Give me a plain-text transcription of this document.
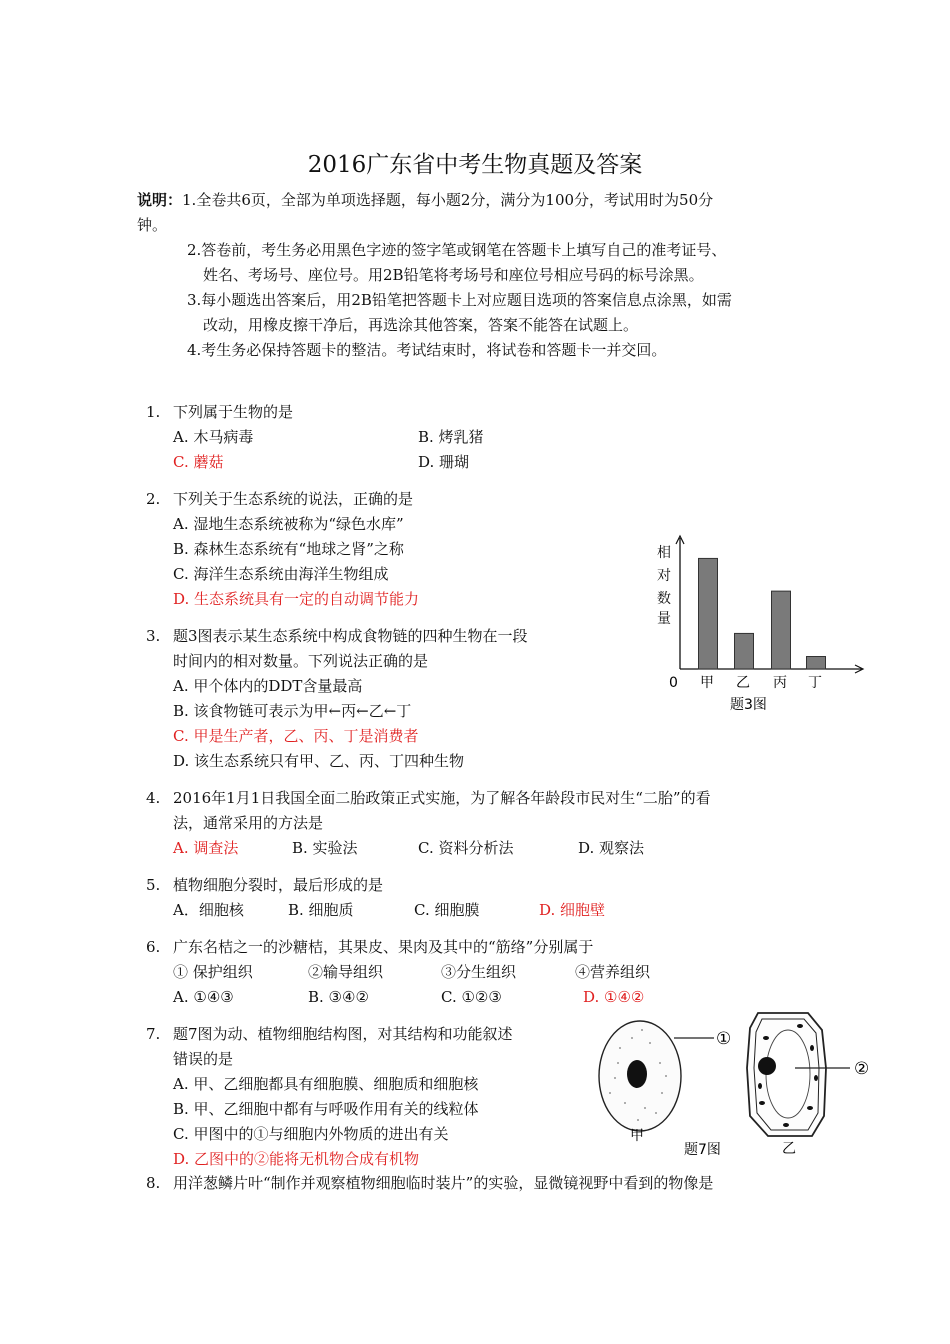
2016广东省中考生物真题及答案
说明：1.全卷共6页，全部为单项选择题，每小题2分，满分为100分，考试用时为50分
钟。
2.答卷前，考生务必用黑色字迹的签字笔或钢笔在答题卡上填写自己的准考证号、
姓名、考场号、座位号。用2B铅笔将考场号和座位号相应号码的标号涂黑。
3.每小题选出答案后，用2B铅笔把答题卡上对应题目选项的答案信息点涂黑，如需
改动，用橡皮擦干净后，再选涂其他答案，答案不能答在试题上。
4.考生务必保持答题卡的整洁。考试结束时，将试卷和答题卡一并交回。
1. 下列属于生物的是
A. 木马病毒	B. 烤乳猪
C. 蘑菇	D. 珊瑚
2. 下列关于生态系统的说法，正确的是
A. 湿地生态系统被称为“绿色水库”
B. 森林生态系统有“地球之肾”之称
C. 海洋生态系统由海洋生物组成
D. 生态系统具有一定的自动调节能力
3. 题3图表示某生态系统中构成食物链的四种生物在一段
时间内的相对数量。下列说法正确的是
A. 甲个体内的DDT含量最高
B. 该食物链可表示为甲←丙←乙←丁
C. 甲是生产者，乙、丙、丁是消费者
D. 该生态系统只有甲、乙、丙、丁四种生物
相
对
数
量
0 甲 乙 丙 丁
题3图
4. 2016年1月1日我国全面二胎政策正式实施，为了解各年龄段市民对生“二胎”的看
法，通常采用的方法是
A. 调查法	B. 实验法	C. 资料分析法	D. 观察法
5. 植物细胞分裂时，最后形成的是
A．细胞核	B. 细胞质	C. 细胞膜	D. 细胞壁
6. 广东名桔之一的沙糖桔，其果皮、果肉及其中的“筋络”分别属于
① 保护组织	②输导组织	③分生组织	④营养组织
A. ①④③	B. ③④②	C. ①②③	D. ①④②
7. 题7图为动、植物细胞结构图，对其结构和功能叙述
错误的是
A. 甲、乙细胞都具有细胞膜、细胞质和细胞核
B. 甲、乙细胞中都有与呼吸作用有关的线粒体
C. 甲图中的①与细胞内外物质的进出有关
D. 乙图中的②能将无机物合成有机物
①
甲
②
乙
题7图
8. 用洋葱鳞片叶“制作并观察植物细胞临时装片”的实验，显微镜视野中看到的物像是
